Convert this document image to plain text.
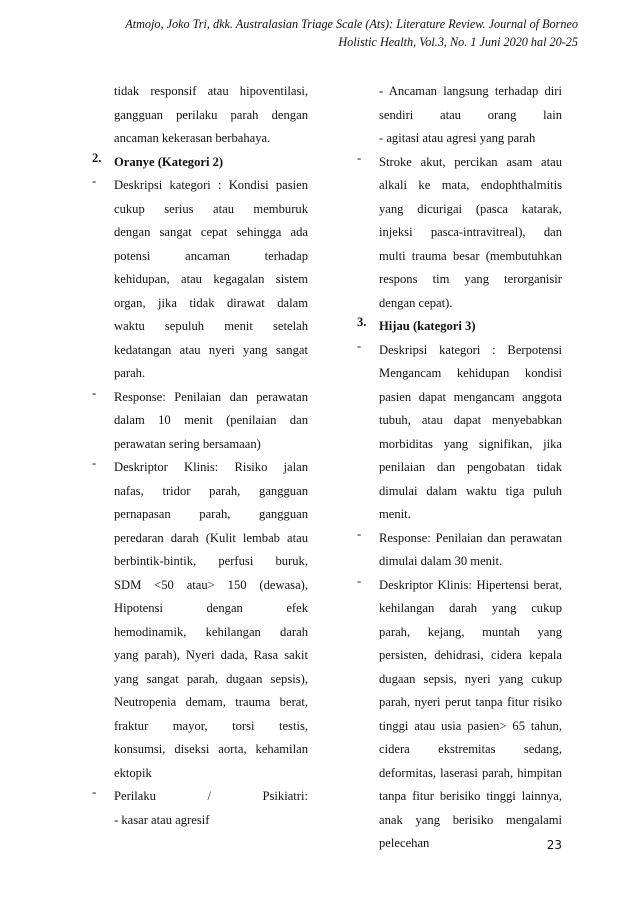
Atmojo, Joko Tri, dkk. Australasian Triage Scale (Ats): Literature Review. Journal of Borneo
Holistic Health, Vol.3, No. 1 Juni 2020 hal 20-25
tidak responsif atau hipoventilasi,
gangguan perilaku parah dengan
ancaman kekerasan berbahaya.
2. Oranye (Kategori 2)
- Deskripsi kategori : Kondisi pasien
cukup serius atau memburuk
dengan sangat cepat sehingga ada
potensi ancaman terhadap
kehidupan, atau kegagalan sistem
organ, jika tidak dirawat dalam
waktu sepuluh menit setelah
kedatangan atau nyeri yang sangat
parah.
- Response: Penilaian dan perawatan
dalam 10 menit (penilaian dan
perawatan sering bersamaan)
- Deskriptor Klinis: Risiko jalan
nafas, tridor parah, gangguan
pernapasan parah, gangguan
peredaran darah (Kulit lembab atau
berbintik-bintik, perfusi buruk,
SDM <50 atau> 150 (dewasa),
Hipotensi dengan efek
hemodinamik, kehilangan darah
yang parah), Nyeri dada, Rasa sakit
yang sangat parah, dugaan sepsis),
Neutropenia demam, trauma berat,
fraktur mayor, torsi testis,
konsumsi, diseksi aorta, kehamilan
ektopik
- Perilaku / Psikiatri:
- kasar atau agresif
- Ancaman langsung terhadap diri
sendiri atau orang lain
- agitasi atau agresi yang parah
- Stroke akut, percikan asam atau
alkali ke mata, endophthalmitis
yang dicurigai (pasca katarak,
injeksi pasca-intravitreal), dan
multi trauma besar (membutuhkan
respons tim yang terorganisir
dengan cepat).
3. Hijau (kategori 3)
- Deskripsi kategori : Berpotensi
Mengancam kehidupan kondisi
pasien dapat mengancam anggota
tubuh, atau dapat menyebabkan
morbiditas yang signifikan, jika
penilaian dan pengobatan tidak
dimulai dalam waktu tiga puluh
menit.
- Response: Penilaian dan perawatan
dimulai dalam 30 menit.
- Deskriptor Klinis: Hipertensi berat,
kehilangan darah yang cukup
parah, kejang, muntah yang
persisten, dehidrasi, cidera kepala
dugaan sepsis, nyeri yang cukup
parah, nyeri perut tanpa fitur risiko
tinggi atau usia pasien> 65 tahun,
cidera ekstremitas sedang,
deformitas, laserasi parah, himpitan
tanpa fitur berisiko tinggi lainnya,
anak yang berisiko mengalami
pelecehan	23
